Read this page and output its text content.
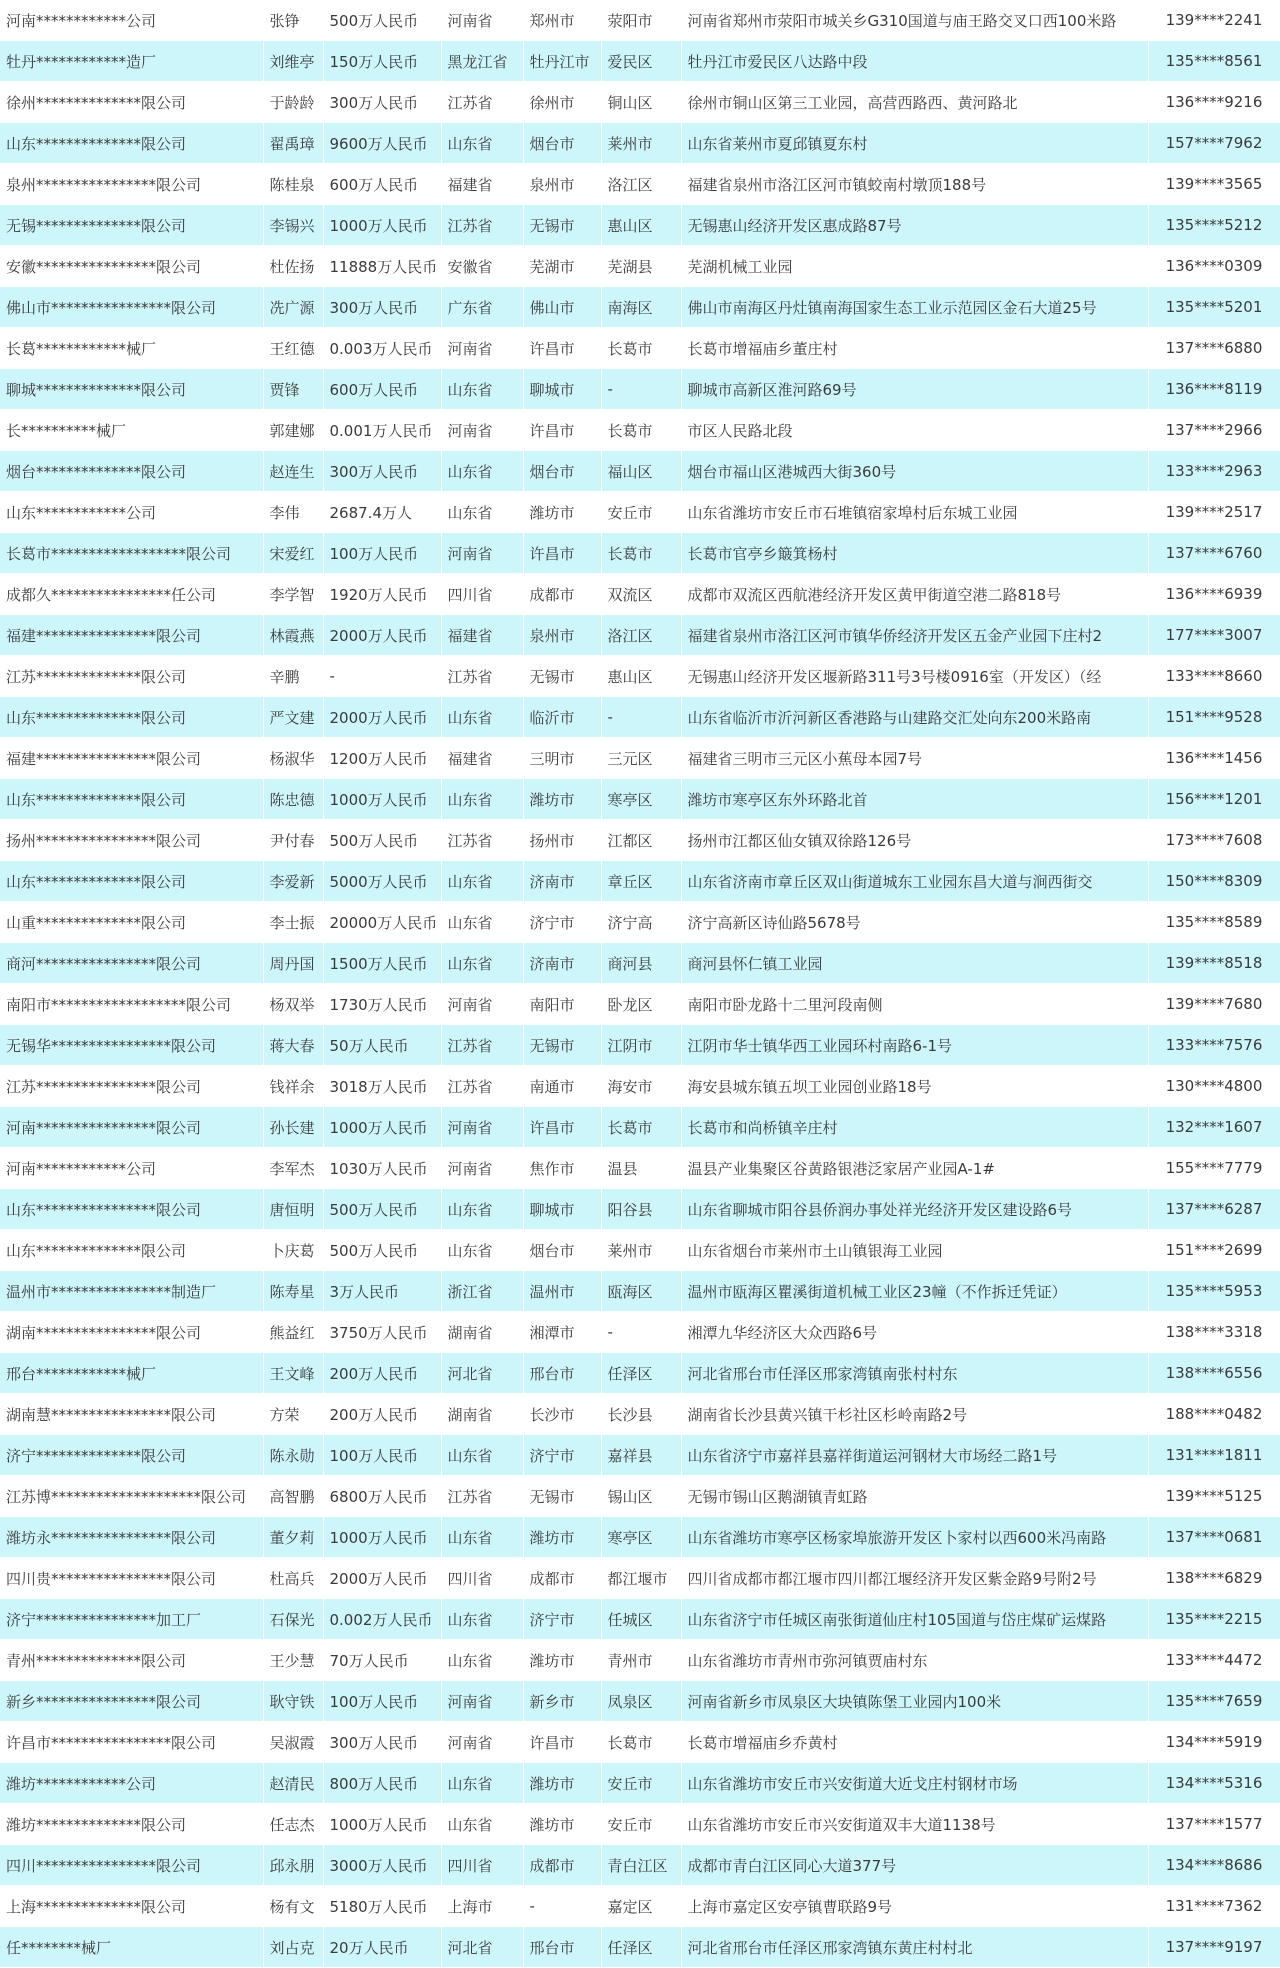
河南************公司	张铮	500万人民币	河南省	郑州市	荥阳市	河南省郑州市荥阳市城关乡G310国道与庙王路交叉口西100米路	139****2241
牡丹************造厂	刘维亭	150万人民币	黑龙江省	牡丹江市	爱民区	牡丹江市爱民区八达路中段	135****8561
徐州**************限公司	于龄龄	300万人民币	江苏省	徐州市	铜山区	徐州市铜山区第三工业园，高营西路西、黄河路北	136****9216
山东**************限公司	翟禹璋	9600万人民币	山东省	烟台市	莱州市	山东省莱州市夏邱镇夏东村	157****7962
泉州****************限公司	陈桂泉	600万人民币	福建省	泉州市	洛江区	福建省泉州市洛江区河市镇蛟南村墩顶188号	139****3565
无锡**************限公司	李锡兴	1000万人民币	江苏省	无锡市	惠山区	无锡惠山经济开发区惠成路87号	135****5212
安徽****************限公司	杜佐扬	11888万人民币	安徽省	芜湖市	芜湖县	芜湖机械工业园	136****0309
佛山市****************限公司	冼广源	300万人民币	广东省	佛山市	南海区	佛山市南海区丹灶镇南海国家生态工业示范园区金石大道25号	135****5201
长葛************械厂	王红德	0.003万人民币	河南省	许昌市	长葛市	长葛市增福庙乡董庄村	137****6880
聊城**************限公司	贾锋	600万人民币	山东省	聊城市	-	聊城市高新区淮河路69号	136****8119
长**********械厂	郭建娜	0.001万人民币	河南省	许昌市	长葛市	市区人民路北段	137****2966
烟台**************限公司	赵连生	300万人民币	山东省	烟台市	福山区	烟台市福山区港城西大街360号	133****2963
山东************公司	李伟	2687.4万人	山东省	潍坊市	安丘市	山东省潍坊市安丘市石堆镇宿家埠村后东城工业园	139****2517
长葛市******************限公司	宋爱红	100万人民币	河南省	许昌市	长葛市	长葛市官亭乡簸箕杨村	137****6760
成都久****************任公司	李学智	1920万人民币	四川省	成都市	双流区	成都市双流区西航港经济开发区黄甲街道空港二路818号	136****6939
福建****************限公司	林霞燕	2000万人民币	福建省	泉州市	洛江区	福建省泉州市洛江区河市镇华侨经济开发区五金产业园下庄村2	177****3007
江苏**************限公司	辛鹏	-	江苏省	无锡市	惠山区	无锡惠山经济开发区堰新路311号3号楼0916室（开发区）（经	133****8660
山东**************限公司	严文建	2000万人民币	山东省	临沂市	-	山东省临沂市沂河新区香港路与山建路交汇处向东200米路南	151****9528
福建****************限公司	杨淑华	1200万人民币	福建省	三明市	三元区	福建省三明市三元区小蕉母本园7号	136****1456
山东**************限公司	陈忠德	1000万人民币	山东省	潍坊市	寒亭区	潍坊市寒亭区东外环路北首	156****1201
扬州****************限公司	尹付春	500万人民币	江苏省	扬州市	江都区	扬州市江都区仙女镇双徐路126号	173****7608
山东**************限公司	李爱新	5000万人民币	山东省	济南市	章丘区	山东省济南市章丘区双山街道城东工业园东昌大道与涧西街交	150****8309
山重**************限公司	李士振	20000万人民币	山东省	济宁市	济宁高	济宁高新区诗仙路5678号	135****8589
商河****************限公司	周丹国	1500万人民币	山东省	济南市	商河县	商河县怀仁镇工业园	139****8518
南阳市******************限公司	杨双举	1730万人民币	河南省	南阳市	卧龙区	南阳市卧龙路十二里河段南侧	139****7680
无锡华****************限公司	蒋大春	50万人民币	江苏省	无锡市	江阴市	江阴市华士镇华西工业园环村南路6-1号	133****7576
江苏****************限公司	钱祥余	3018万人民币	江苏省	南通市	海安市	海安县城东镇五坝工业园创业路18号	130****4800
河南****************限公司	孙长建	1000万人民币	河南省	许昌市	长葛市	长葛市和尚桥镇辛庄村	132****1607
河南************公司	李军杰	1030万人民币	河南省	焦作市	温县	温县产业集聚区谷黄路银港泛家居产业园A-1#	155****7779
山东****************限公司	唐恒明	500万人民币	山东省	聊城市	阳谷县	山东省聊城市阳谷县侨润办事处祥光经济开发区建设路6号	137****6287
山东**************限公司	卜庆葛	500万人民币	山东省	烟台市	莱州市	山东省烟台市莱州市土山镇银海工业园	151****2699
温州市****************制造厂	陈寿星	3万人民币	浙江省	温州市	瓯海区	温州市瓯海区瞿溪街道机械工业区23幢（不作拆迁凭证）	135****5953
湖南****************限公司	熊益红	3750万人民币	湖南省	湘潭市	-	湘潭九华经济区大众西路6号	138****3318
邢台************械厂	王文峰	200万人民币	河北省	邢台市	任泽区	河北省邢台市任泽区邢家湾镇南张村村东	138****6556
湖南慧****************限公司	方荣	200万人民币	湖南省	长沙市	长沙县	湖南省长沙县黄兴镇干杉社区杉岭南路2号	188****0482
济宁**************限公司	陈永勋	100万人民币	山东省	济宁市	嘉祥县	山东省济宁市嘉祥县嘉祥街道运河钢材大市场经二路1号	131****1811
江苏博********************限公司	高智鹏	6800万人民币	江苏省	无锡市	锡山区	无锡市锡山区鹅湖镇青虹路	139****5125
潍坊永****************限公司	董夕莉	1000万人民币	山东省	潍坊市	寒亭区	山东省潍坊市寒亭区杨家埠旅游开发区卜家村以西600米冯南路	137****0681
四川贵****************限公司	杜高兵	2000万人民币	四川省	成都市	都江堰市	四川省成都市都江堰市四川都江堰经济开发区紫金路9号附2号	138****6829
济宁****************加工厂	石保光	0.002万人民币	山东省	济宁市	任城区	山东省济宁市任城区南张街道仙庄村105国道与岱庄煤矿运煤路	135****2215
青州**************限公司	王少慧	70万人民币	山东省	潍坊市	青州市	山东省潍坊市青州市弥河镇贾庙村东	133****4472
新乡****************限公司	耿守铁	100万人民币	河南省	新乡市	凤泉区	河南省新乡市凤泉区大块镇陈堡工业园内100米	135****7659
许昌市****************限公司	吴淑霞	300万人民币	河南省	许昌市	长葛市	长葛市增福庙乡乔黄村	134****5919
潍坊************公司	赵清民	800万人民币	山东省	潍坊市	安丘市	山东省潍坊市安丘市兴安街道大近戈庄村钢材市场	134****5316
潍坊**************限公司	任志杰	1000万人民币	山东省	潍坊市	安丘市	山东省潍坊市安丘市兴安街道双丰大道1138号	137****1577
四川****************限公司	邱永朋	3000万人民币	四川省	成都市	青白江区	成都市青白江区同心大道377号	134****8686
上海**************限公司	杨有文	5180万人民币	上海市	-	嘉定区	上海市嘉定区安亭镇曹联路9号	131****7362
任********械厂	刘占克	20万人民币	河北省	邢台市	任泽区	河北省邢台市任泽区邢家湾镇东黄庄村村北	137****9197
